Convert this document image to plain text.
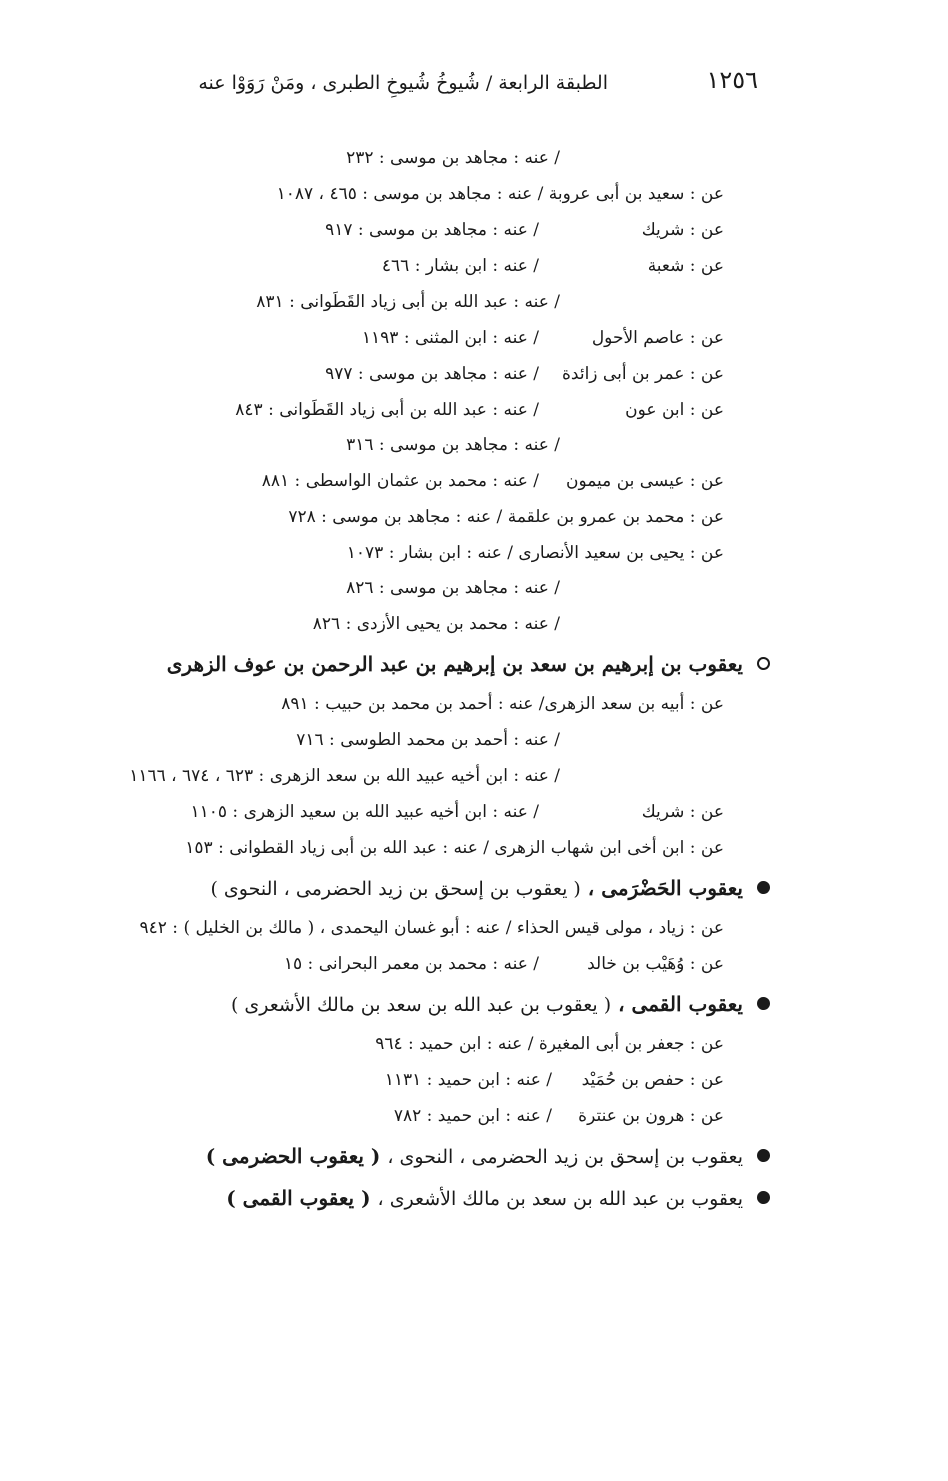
١٢٥٦
الطبقة الرابعة / شُيوخُ شُيوخِ الطبرى ، ومَنْ رَوَوْا عنه
/ عنه : مجاهد بن موسى : ٢٣٢
عن : سعيد بن أبى عروبة / عنه : مجاهد بن موسى : ٤٦٥ ، ١٠٨٧
عن : شريك/ عنه : مجاهد بن موسى : ٩١٧
عن : شعبة/ عنه : ابن بشار : ٤٦٦
/ عنه : عبد الله بن أبى زياد القَطَوانى : ٨٣١
عن : عاصم الأحول/ عنه : ابن المثنى : ١١٩٣
عن : عمر بن أبى زائدة/ عنه : مجاهد بن موسى : ٩٧٧
عن : ابن عون/ عنه : عبد الله بن أبى زياد القَطَوانى : ٨٤٣
/ عنه : مجاهد بن موسى : ٣١٦
عن : عيسى بن ميمون/ عنه : محمد بن عثمان الواسطى : ٨٨١
عن : محمد بن عمرو بن علقمة / عنه : مجاهد بن موسى : ٧٢٨
عن : يحيى بن سعيد الأنصارى / عنه : ابن بشار : ١٠٧٣
/ عنه : مجاهد بن موسى : ٨٢٦
/ عنه : محمد بن يحيى الأزدى : ٨٢٦
يعقوب بن إبرهيم بن سعد بن إبرهيم بن عبد الرحمن بن عوف الزهرى
عن : أبيه بن سعد الزهرى/ عنه : أحمد بن محمد بن حبيب : ٨٩١
/ عنه : أحمد بن محمد الطوسى : ٧١٦
/ عنه : ابن أخيه عبيد الله بن سعد الزهرى : ٦٢٣ ، ٦٧٤ ، ١١٦٦
عن : شريك/ عنه : ابن أخيه عبيد الله بن سعيد الزهرى : ١١٠٥
عن : ابن أخى ابن شهاب الزهرى / عنه : عبد الله بن أبى زياد القطوانى : ١٥٣
يعقوب الحَضْرَمى ، ( يعقوب بن إسحق بن زيد الحضرمى ، النحوى )
عن : زياد ، مولى قيس الحذاء / عنه : أبو غسان اليحمدى ، ( مالك بن الخليل ) : ٩٤٢
عن : وُهَيْب بن خالد/ عنه : محمد بن معمر البحرانى : ١٥
يعقوب القمى ، ( يعقوب بن عبد الله بن سعد بن مالك الأشعرى )
عن : جعفر بن أبى المغيرة / عنه : ابن حميد : ٩٦٤
عن : حفص بن حُمَيْد/ عنه : ابن حميد : ١١٣١
عن : هرون بن عنترة/ عنه : ابن حميد : ٧٨٢
يعقوب بن إسحق بن زيد الحضرمى ، النحوى ، ( يعقوب الحضرمى )
يعقوب بن عبد الله بن سعد بن مالك الأشعرى ، ( يعقوب القمى )
